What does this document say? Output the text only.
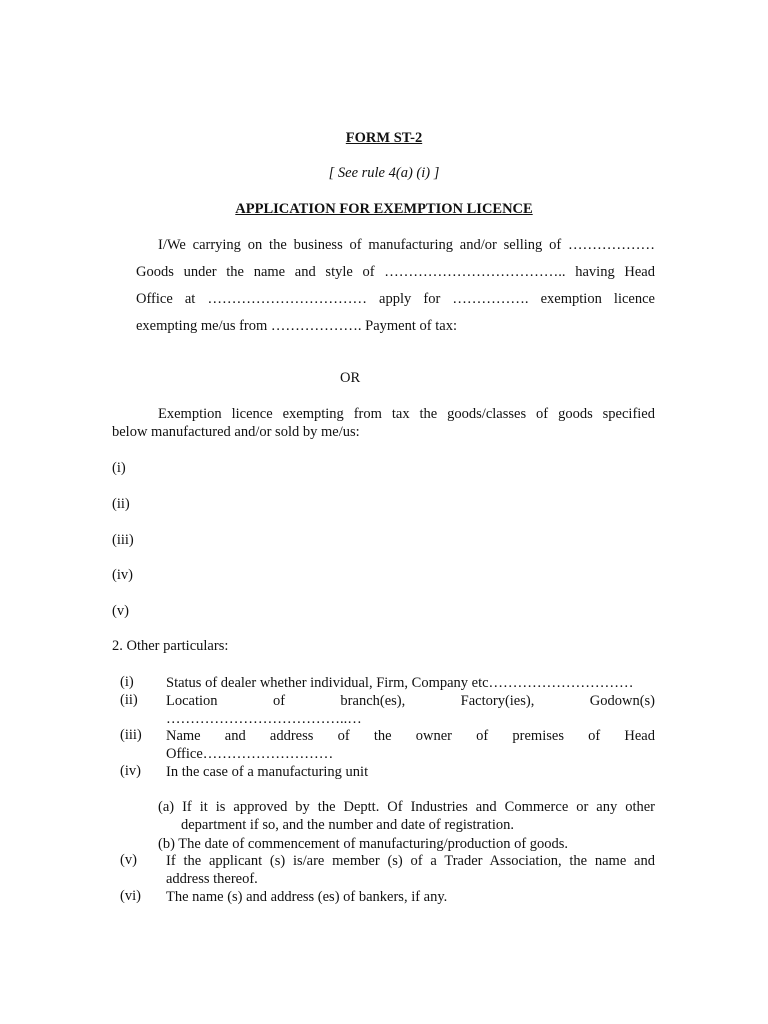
FORM ST-2
[ See rule 4(a) (i) ]
APPLICATION FOR EXEMPTION LICENCE
I/We carrying on the business of manufacturing and/or selling of ………………
Goods under the name and style of ……………………………….. having Head
Office at …………………………… apply for ……………. exemption licence
exempting me/us from ………………. Payment of tax:
OR
Exemption licence exempting from tax the goods/classes of goods specified
below manufactured and/or sold by me/us:
(i)
(ii)
(iii)
(iv)
(v)
2. Other particulars:
(i) Status of dealer whether individual, Firm, Company etc…………………………
(ii) Location of branch(es), Factory(ies), Godown(s)
………………………………..…
(iii) Name and address of the owner of premises of Head
Office………………………
(iv) In the case of a manufacturing unit
(a) If it is approved by the Deptt. Of Industries and Commerce or any other
department if so, and the number and date of registration.
(b) The date of commencement of manufacturing/production of goods.
(v) If the applicant (s) is/are member (s) of a Trader Association, the name and
address thereof.
(vi) The name (s) and address (es) of bankers, if any.
